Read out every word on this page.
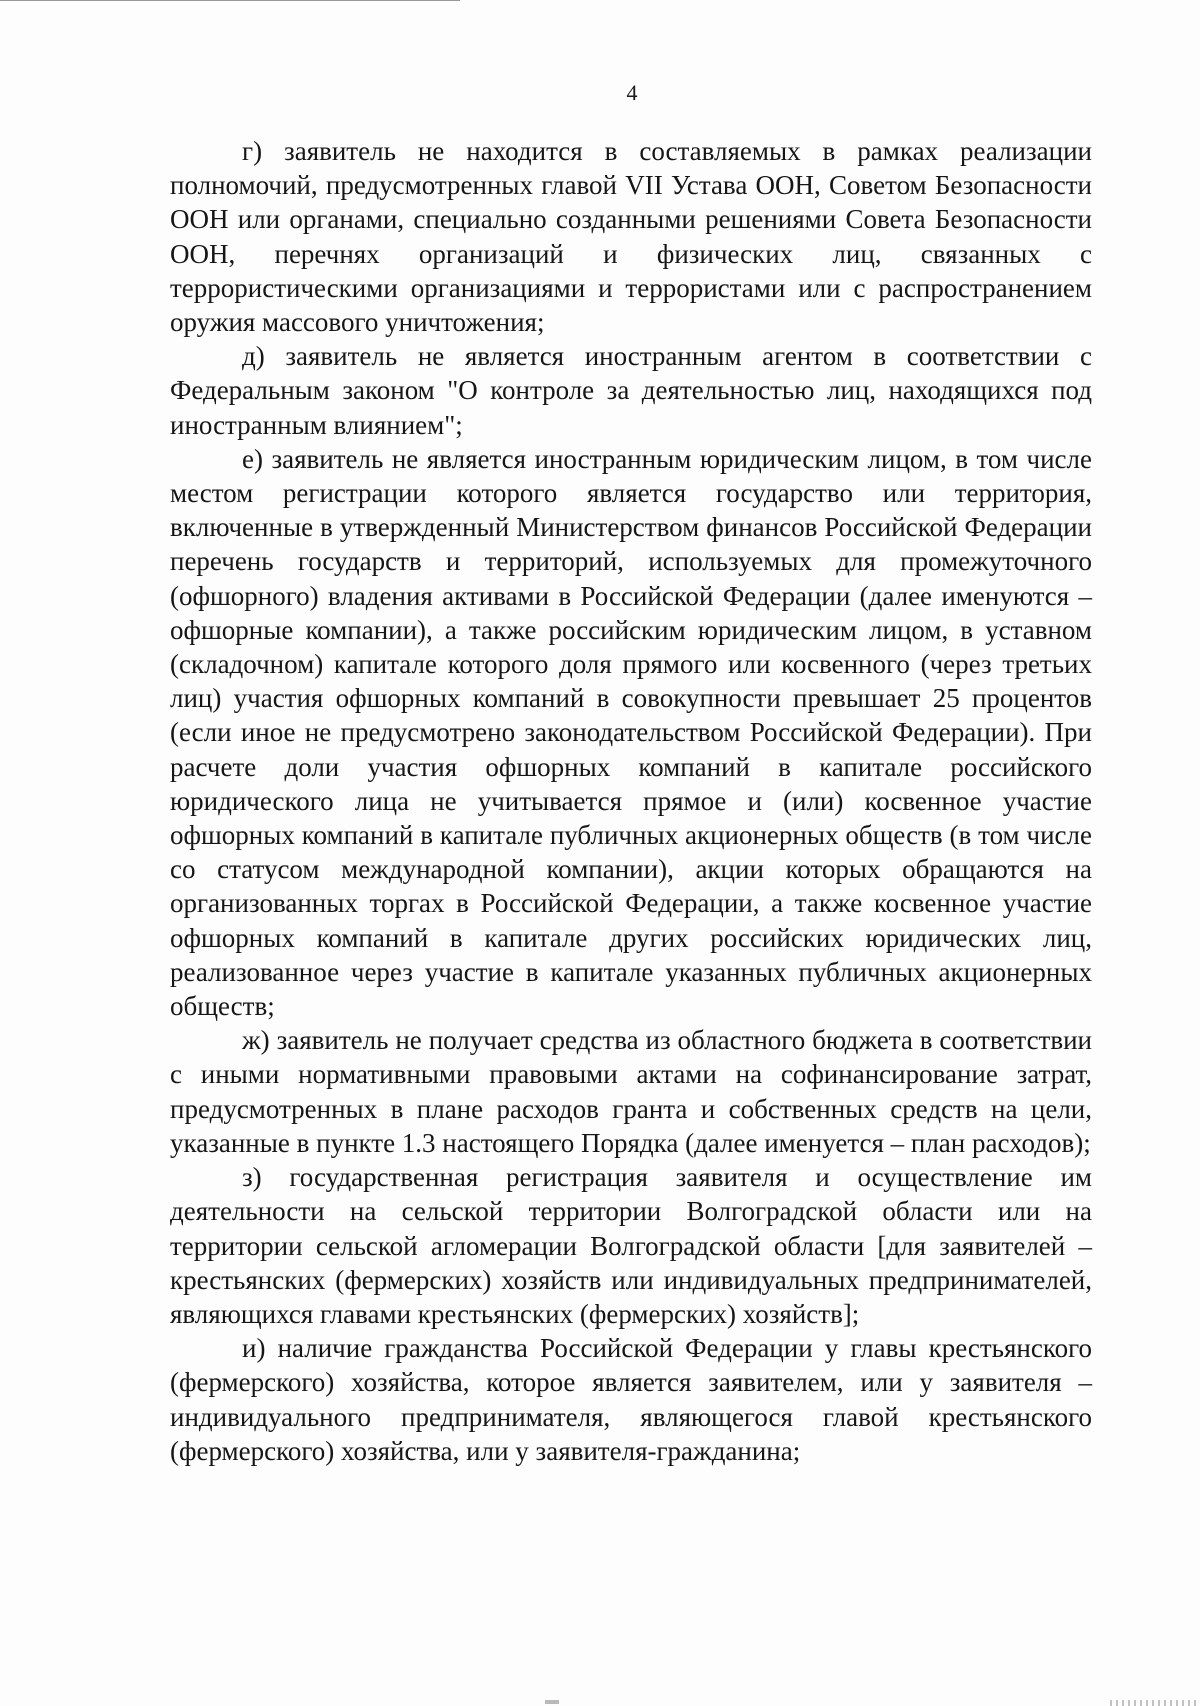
4

г) заявитель не находится в составляемых в рамках реализации полномочий, предусмотренных главой VII Устава ООН, Советом Безопасности ООН или органами, специально созданными решениями Совета Безопасности ООН, перечнях организаций и физических лиц, связанных с террористическими организациями и террористами или с распространением оружия массового уничтожения;

д) заявитель не является иностранным агентом в соответствии с Федеральным законом "О контроле за деятельностью лиц, находящихся под иностранным влиянием";

е) заявитель не является иностранным юридическим лицом, в том числе местом регистрации которого является государство или территория, включенные в утвержденный Министерством финансов Российской Федерации перечень государств и территорий, используемых для промежуточного (офшорного) владения активами в Российской Федерации (далее именуются – офшорные компании), а также российским юридическим лицом, в уставном (складочном) капитале которого доля прямого или косвенного (через третьих лиц) участия офшорных компаний в совокупности превышает 25 процентов (если иное не предусмотрено законодательством Российской Федерации). При расчете доли участия офшорных компаний в капитале российского юридического лица не учитывается прямое и (или) косвенное участие офшорных компаний в капитале публичных акционерных обществ (в том числе со статусом международной компании), акции которых обращаются на организованных торгах в Российской Федерации, а также косвенное участие офшорных компаний в капитале других российских юридических лиц, реализованное через участие в капитале указанных публичных акционерных обществ;

ж) заявитель не получает средства из областного бюджета в соответствии с иными нормативными правовыми актами на софинансирование затрат, предусмотренных в плане расходов гранта и собственных средств на цели, указанные в пункте 1.3 настоящего Порядка (далее именуется – план расходов);

з) государственная регистрация заявителя и осуществление им деятельности на сельской территории Волгоградской области или на территории сельской агломерации Волгоградской области [для заявителей – крестьянских (фермерских) хозяйств или индивидуальных предпринимателей, являющихся главами крестьянских (фермерских) хозяйств];

и) наличие гражданства Российской Федерации у главы крестьянского (фермерского) хозяйства, которое является заявителем, или у заявителя – индивидуального предпринимателя, являющегося главой крестьянского (фермерского) хозяйства, или у заявителя-гражданина;
